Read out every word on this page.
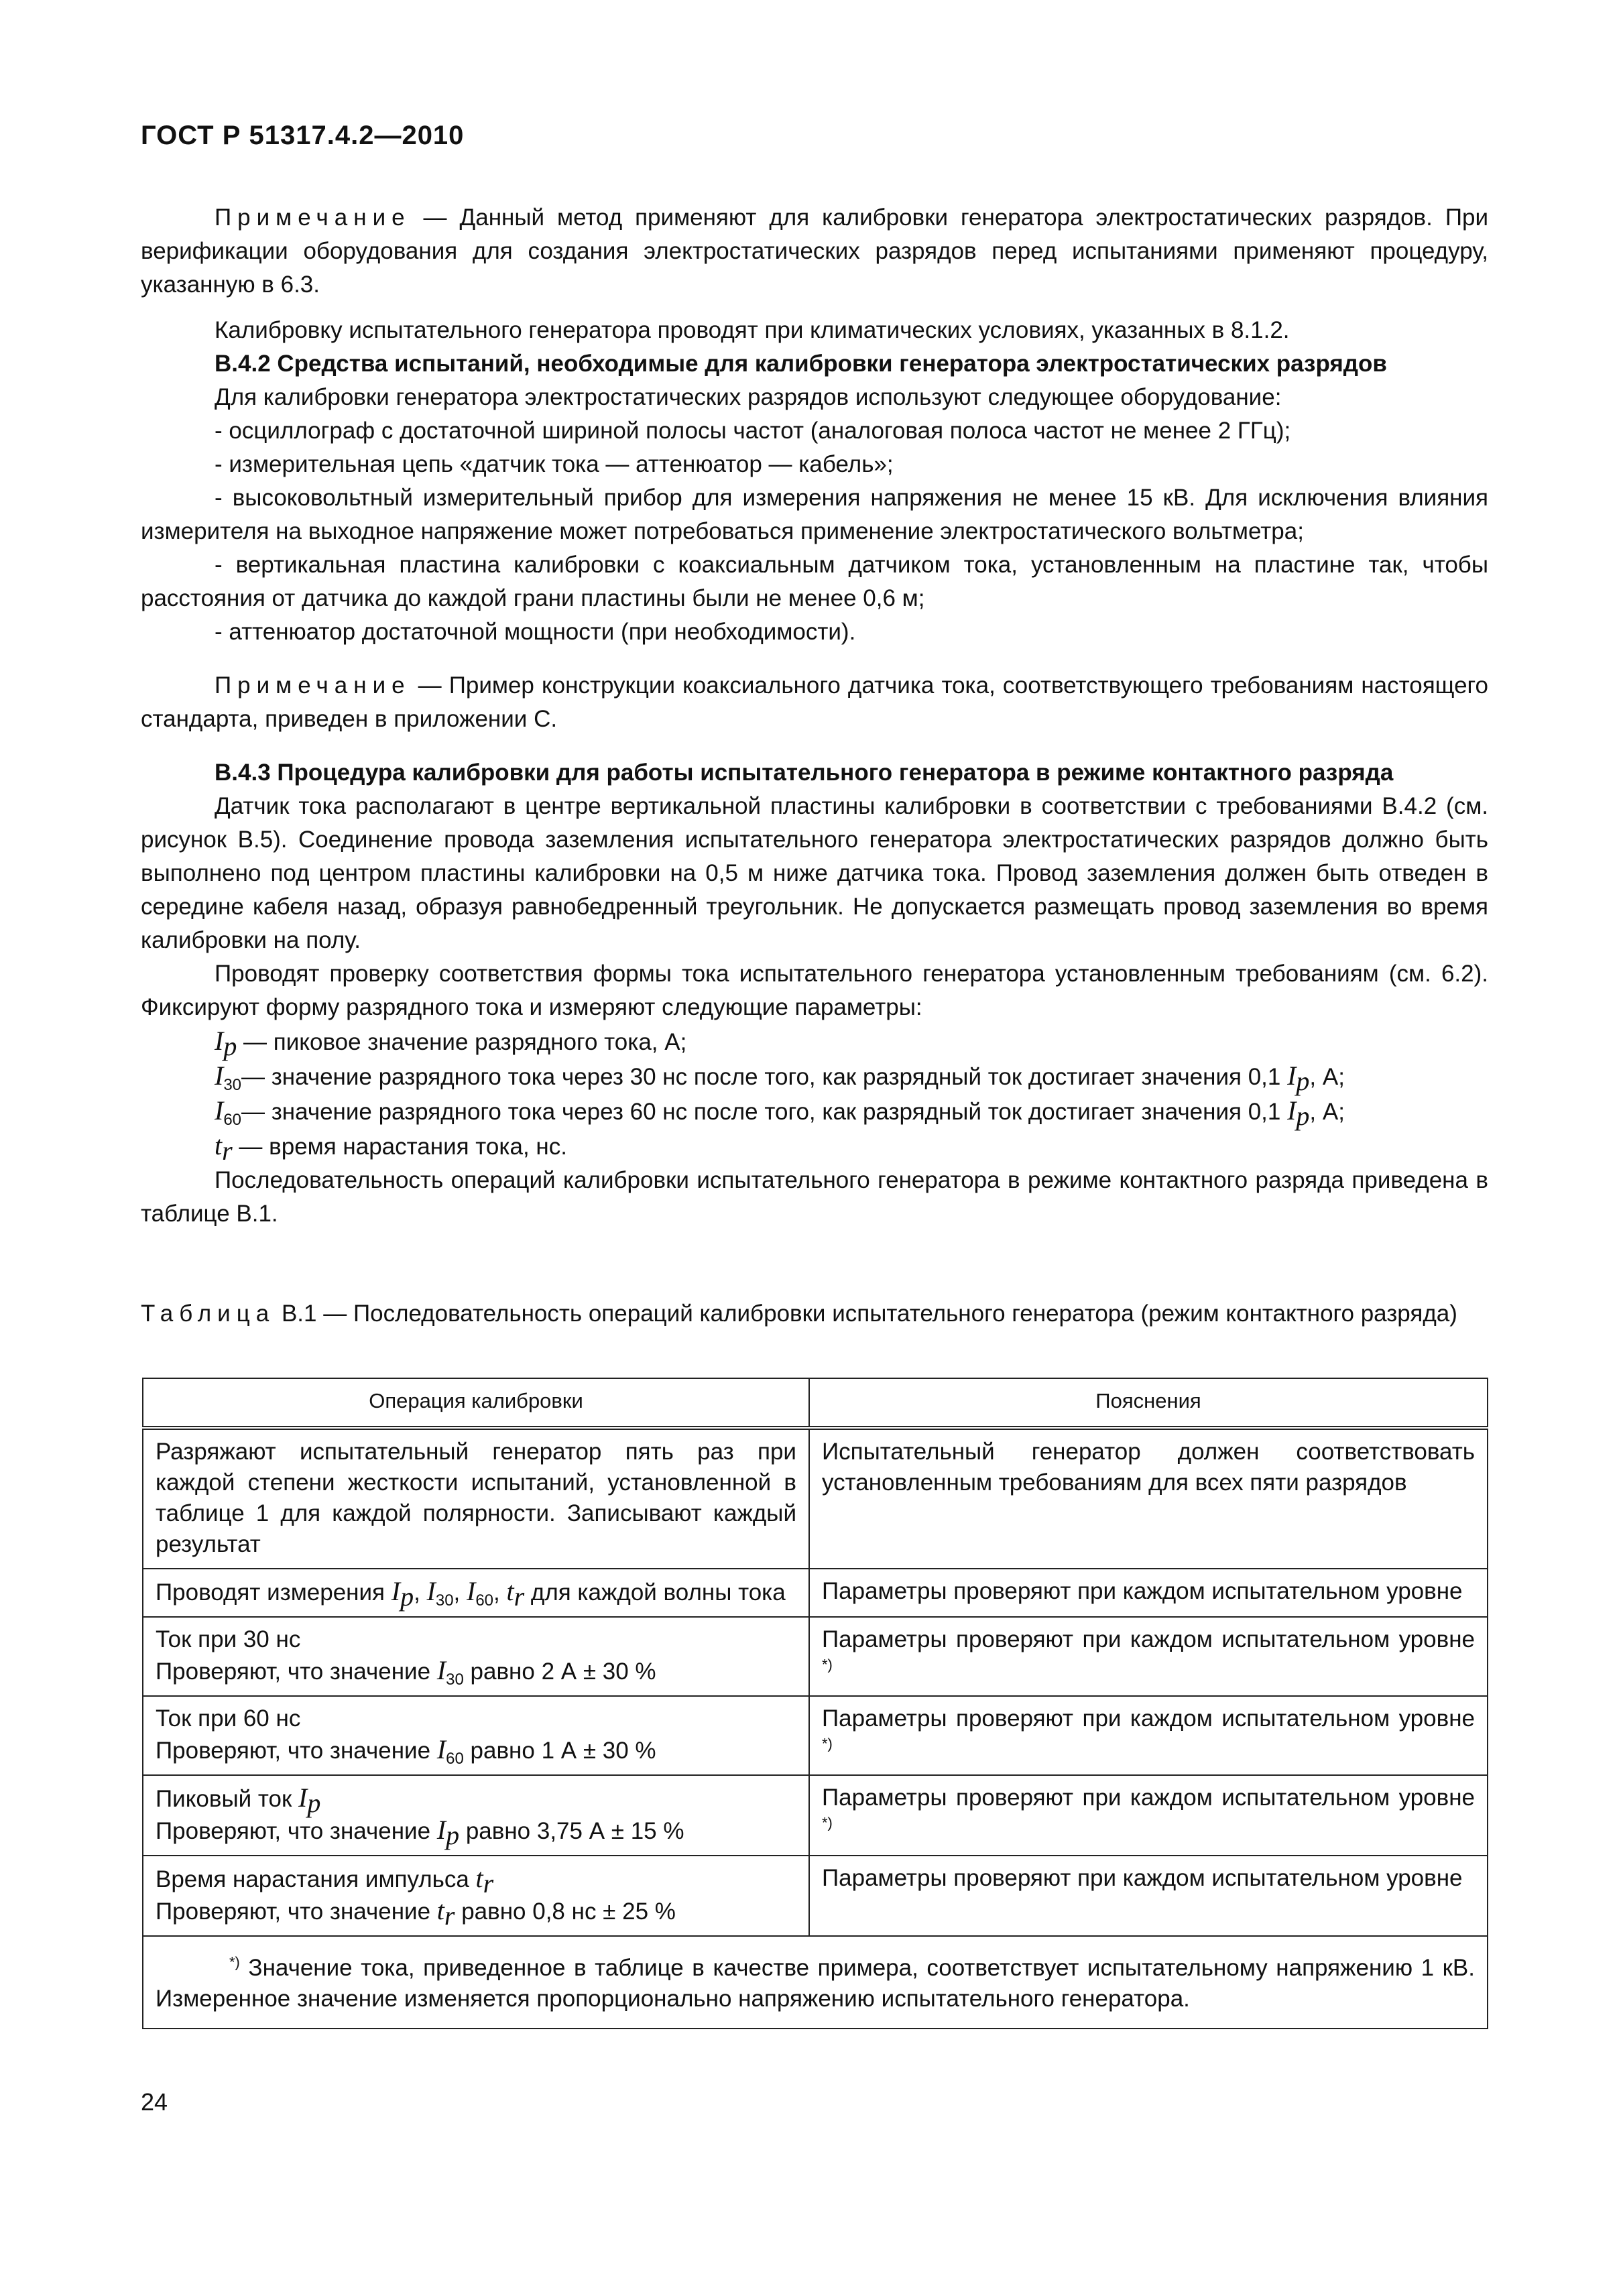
ГОСТ Р 51317.4.2—2010

Примечание — Данный метод применяют для калибровки генератора электростатических разрядов. При верификации оборудования для создания электростатических разрядов перед испытаниями применяют процедуру, указанную в 6.3.

Калибровку испытательного генератора проводят при климатических условиях, указанных в 8.1.2.

B.4.2 Средства испытаний, необходимые для калибровки генератора электростатических разрядов

Для калибровки генератора электростатических разрядов используют следующее оборудование:

- осциллограф с достаточной шириной полосы частот (аналоговая полоса частот не менее 2 ГГц);

- измерительная цепь «датчик тока — аттенюатор — кабель»;

- высоковольтный измерительный прибор для измерения напряжения не менее 15 кВ. Для исключения влияния измерителя на выходное напряжение может потребоваться применение электростатического вольтметра;

- вертикальная пластина калибровки с коаксиальным датчиком тока, установленным на пластине так, чтобы расстояния от датчика до каждой грани пластины были не менее 0,6 м;

- аттенюатор достаточной мощности (при необходимости).

Примечание — Пример конструкции коаксиального датчика тока, соответствующего требованиям настоящего стандарта, приведен в приложении С.

B.4.3 Процедура калибровки для работы испытательного генератора в режиме контактного разряда

Датчик тока располагают в центре вертикальной пластины калибровки в соответствии с требованиями B.4.2 (см. рисунок B.5). Соединение провода заземления испытательного генератора электростатических разрядов должно быть выполнено под центром пластины калибровки на 0,5 м ниже датчика тока. Провод заземления должен быть отведен в середине кабеля назад, образуя равнобедренный треугольник. Не допускается размещать провод заземления во время калибровки на полу.

Проводят проверку соответствия формы тока испытательного генератора установленным требованиям (см. 6.2). Фиксируют форму разрядного тока и измеряют следующие параметры:

$I_p$ — пиковое значение разрядного тока, А;

$I_{30}—$ значение разрядного тока через 30 нс после того, как разрядный ток достигает значения 0,1 $I_p$, А;

$I_{60}—$ значение разрядного тока через 60 нс после того, как разрядный ток достигает значения 0,1 $I_p$, А;

$t_r$ — время нарастания тока, нс.

Последовательность операций калибровки испытательного генератора в режиме контактного разряда приведена в таблице B.1.

Таблица B.1 — Последовательность операций калибровки испытательного генератора (режим контактного разряда)

Операция калибровки	Пояснения
Разряжают испытательный генератор пять раз при каждой степени жесткости испытаний, установленной в таблице 1 для каждой полярности. Записывают каждый результат	Испытательный генератор должен соответствовать установленным требованиям для всех пяти разрядов
Проводят измерения $I_p$, $I_{30}$, $I_{60}$, $t_r$ для каждой волны тока	Параметры проверяют при каждом испытательном уровне
Ток при 30 нс
Проверяют, что значение $I_{30}$ равно 2 А ± 30 %	Параметры проверяют при каждом испытательном уровне *)
Ток при 60 нс
Проверяют, что значение $I_{60}$ равно 1 А ± 30 %	Параметры проверяют при каждом испытательном уровне *)
Пиковый ток $I_p$
Проверяют, что значение $I_p$ равно 3,75 А ± 15 %	Параметры проверяют при каждом испытательном уровне *)
Время нарастания импульса $t_r$
Проверяют, что значение $t_r$ равно 0,8 нс ± 25 %	Параметры проверяют при каждом испытательном уровне
*) Значение тока, приведенное в таблице в качестве примера, соответствует испытательному напряжению 1 кВ. Измеренное значение изменяется пропорционально напряжению испытательного генератора.	
24
